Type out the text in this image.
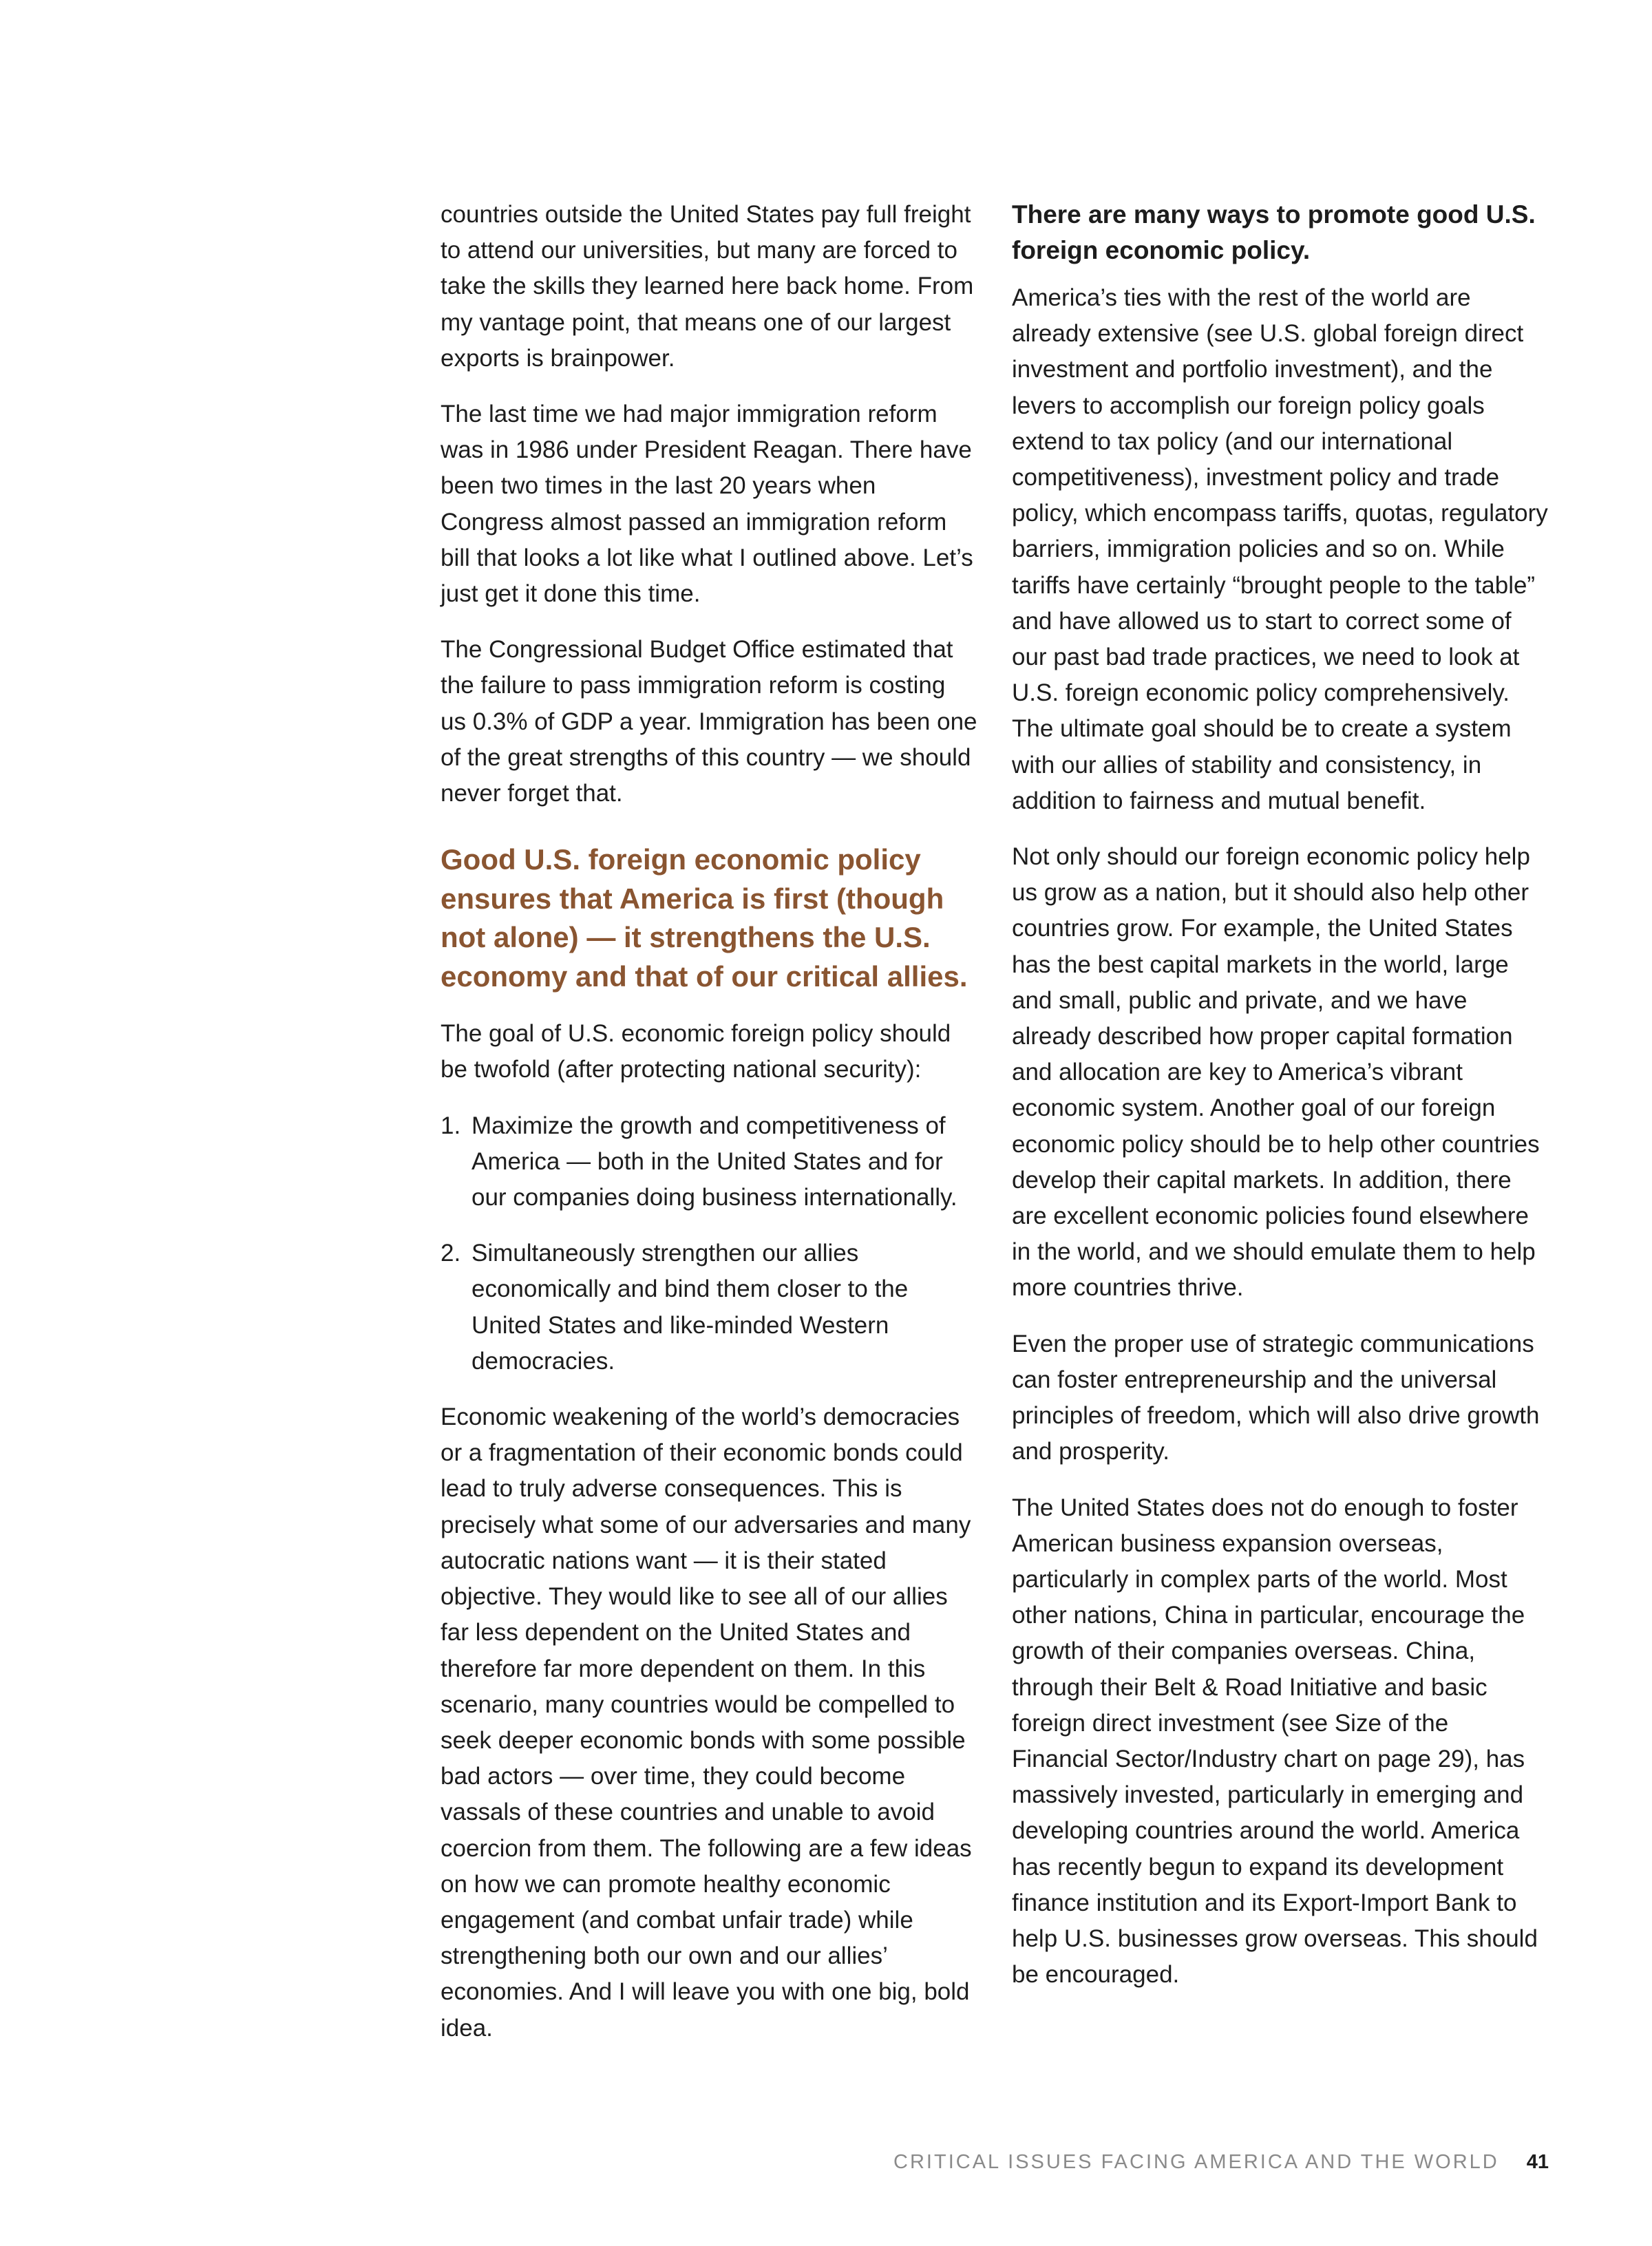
countries outside the United States pay full freight to attend our universities, but many are forced to take the skills they learned here back home. From my vantage point, that means one of our largest exports is brainpower.

The last time we had major immigration reform was in 1986 under President Reagan. There have been two times in the last 20 years when Congress almost passed an immigration reform bill that looks a lot like what I outlined above. Let’s just get it done this time.

The Congressional Budget Office estimated that the failure to pass immigration reform is costing us 0.3% of GDP a year. Immigration has been one of the great strengths of this country — we should never forget that.

Good U.S. foreign economic policy ensures that America is first (though not alone) — it strengthens the U.S. economy and that of our critical allies.

The goal of U.S. economic foreign policy should be twofold (after protecting national security):

1. Maximize the growth and competitiveness of America — both in the United States and for our companies doing business internationally.
2. Simultaneously strengthen our allies economically and bind them closer to the United States and like-minded Western democracies.

Economic weakening of the world’s democracies or a fragmentation of their economic bonds could lead to truly adverse consequences. This is precisely what some of our adversaries and many autocratic nations want — it is their stated objective. They would like to see all of our allies far less dependent on the United States and therefore far more dependent on them. In this scenario, many countries would be compelled to seek deeper economic bonds with some possible bad actors — over time, they could become vassals of these countries and unable to avoid coercion from them. The following are a few ideas on how we can promote healthy economic engagement (and combat unfair trade) while strengthening both our own and our allies’ economies. And I will leave you with one big, bold idea.

There are many ways to promote good U.S. foreign economic policy.

America’s ties with the rest of the world are already extensive (see U.S. global foreign direct investment and portfolio investment), and the levers to accomplish our foreign policy goals extend to tax policy (and our international competitiveness), investment policy and trade policy, which encompass tariffs, quotas, regulatory barriers, immigration policies and so on. While tariffs have certainly “brought people to the table” and have allowed us to start to correct some of our past bad trade practices, we need to look at U.S. foreign economic policy comprehensively. The ultimate goal should be to create a system with our allies of stability and consistency, in addition to fairness and mutual benefit.

Not only should our foreign economic policy help us grow as a nation, but it should also help other countries grow. For example, the United States has the best capital markets in the world, large and small, public and private, and we have already described how proper capital formation and allocation are key to America’s vibrant economic system. Another goal of our foreign economic policy should be to help other countries develop their capital markets. In addition, there are excellent economic policies found elsewhere in the world, and we should emulate them to help more countries thrive.

Even the proper use of strategic communications can foster entrepreneurship and the universal principles of freedom, which will also drive growth and prosperity.

The United States does not do enough to foster American business expansion overseas, particularly in complex parts of the world. Most other nations, China in particular, encourage the growth of their companies overseas. China, through their Belt & Road Initiative and basic foreign direct investment (see Size of the Financial Sector/Industry chart on page 29), has massively invested, particularly in emerging and developing countries around the world. America has recently begun to expand its development finance institution and its Export-Import Bank to help U.S. businesses grow overseas. This should be encouraged.

CRITICAL ISSUES FACING AMERICA AND THE WORLD 41
